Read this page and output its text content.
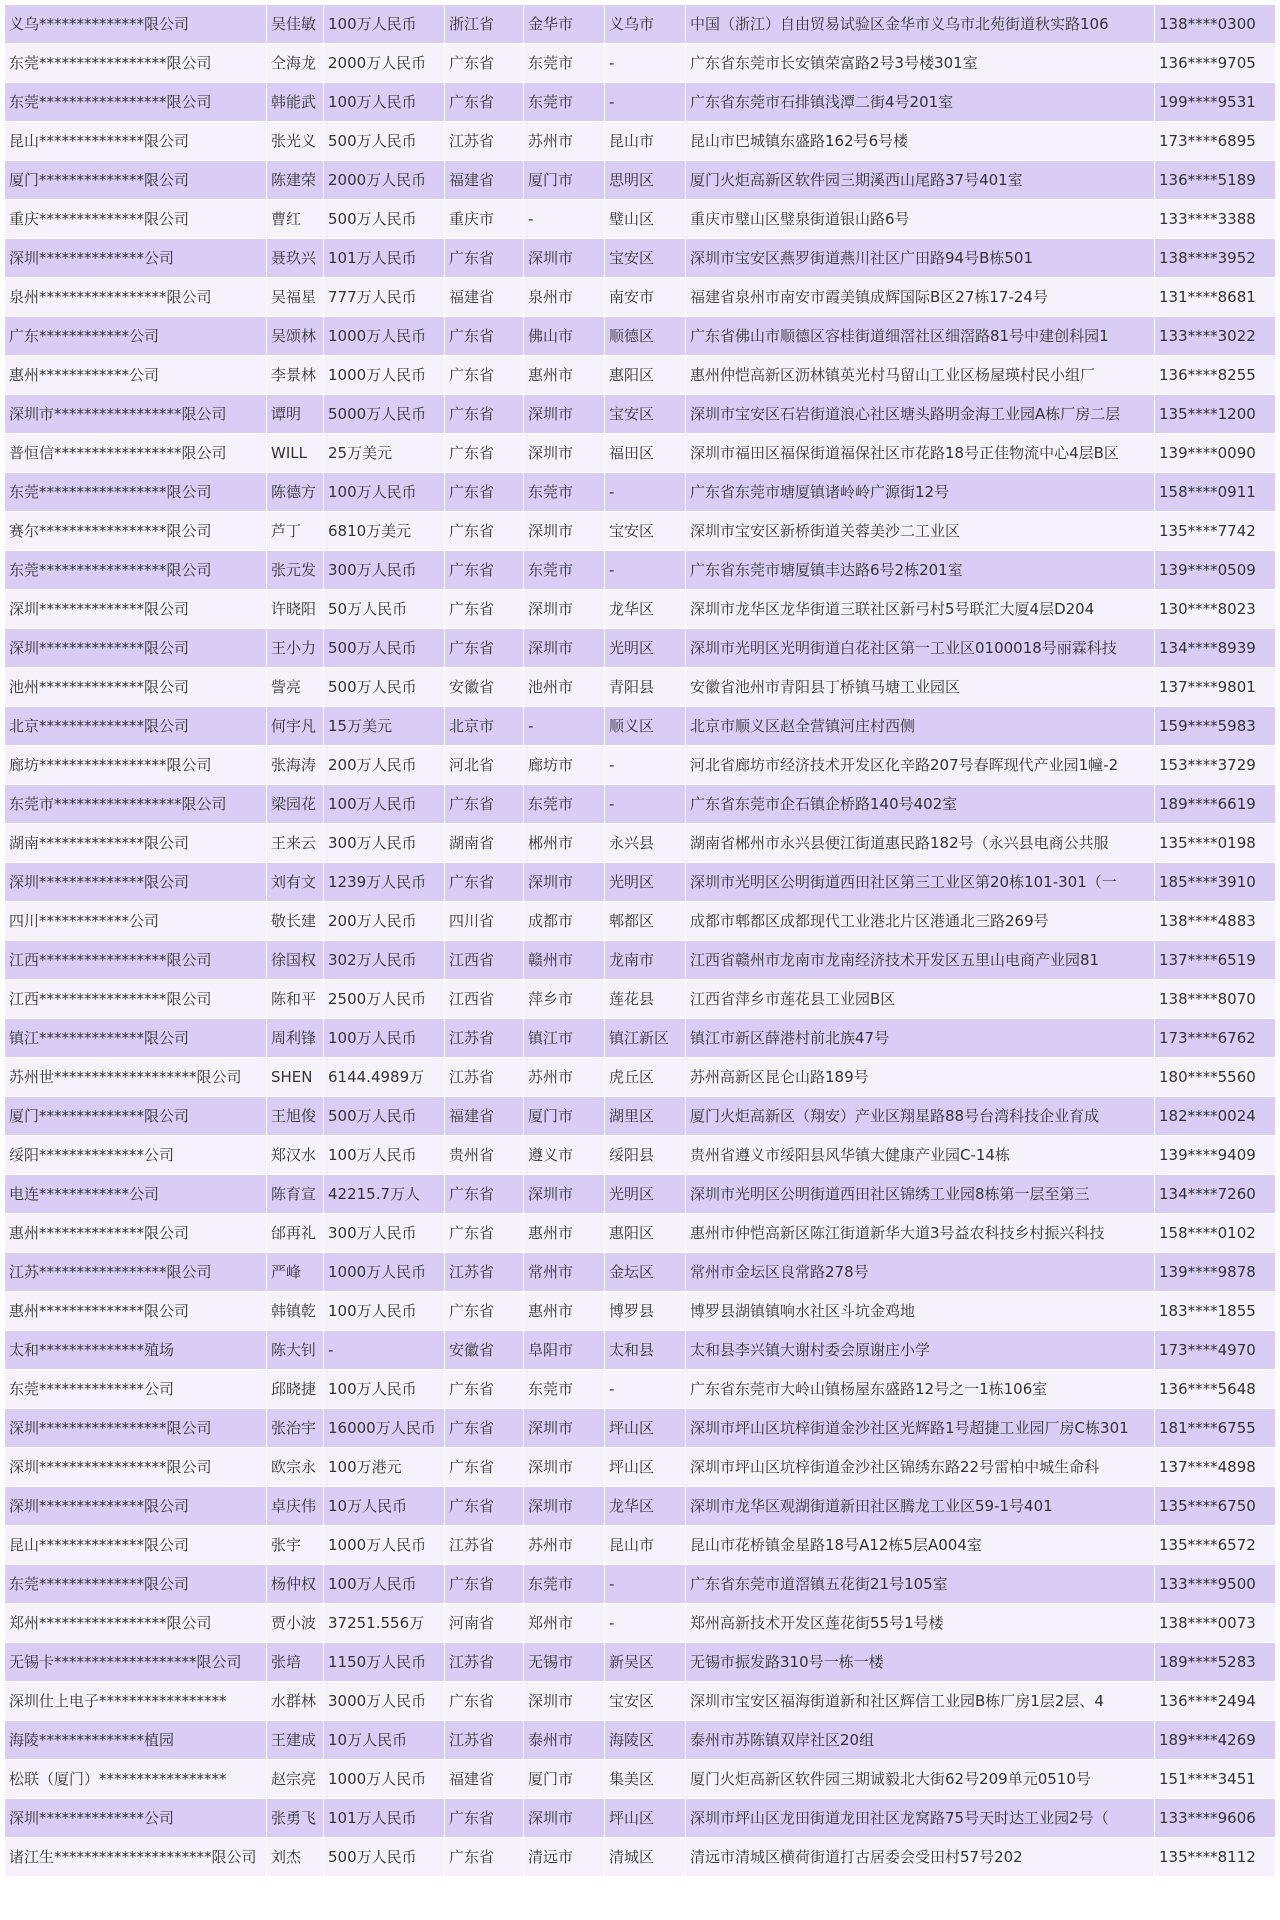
义乌**************限公司	吴佳敏	100万人民币	浙江省	金华市	义乌市	中国（浙江）自由贸易试验区金华市义乌市北苑街道秋实路106	138****0300
东莞*****************限公司	仝海龙	2000万人民币	广东省	东莞市	-	广东省东莞市长安镇荣富路2号3号楼301室	136****9705
东莞*****************限公司	韩能武	100万人民币	广东省	东莞市	-	广东省东莞市石排镇浅潭二街4号201室	199****9531
昆山**************限公司	张光义	500万人民币	江苏省	苏州市	昆山市	昆山市巴城镇东盛路162号6号楼	173****6895
厦门**************限公司	陈建荣	2000万人民币	福建省	厦门市	思明区	厦门火炬高新区软件园三期溪西山尾路37号401室	136****5189
重庆**************限公司	曹红	500万人民币	重庆市	-	璧山区	重庆市璧山区璧泉街道银山路6号	133****3388
深圳**************公司	聂玖兴	101万人民币	广东省	深圳市	宝安区	深圳市宝安区燕罗街道燕川社区广田路94号B栋501	138****3952
泉州*****************限公司	吴福星	777万人民币	福建省	泉州市	南安市	福建省泉州市南安市霞美镇成辉国际B区27栋17-24号	131****8681
广东************公司	吴颂林	1000万人民币	广东省	佛山市	顺德区	广东省佛山市顺德区容桂街道细滘社区细滘路81号中建创科园1	133****3022
惠州************公司	李景林	1000万人民币	广东省	惠州市	惠阳区	惠州仲恺高新区沥林镇英光村马留山工业区杨屋瑛村民小组厂	136****8255
深圳市*****************限公司	谭明	5000万人民币	广东省	深圳市	宝安区	深圳市宝安区石岩街道浪心社区塘头路明金海工业园A栋厂房二层	135****1200
普恒信*****************限公司	WILL	25万美元	广东省	深圳市	福田区	深圳市福田区福保街道福保社区市花路18号正佳物流中心4层B区	139****0090
东莞*****************限公司	陈德方	100万人民币	广东省	东莞市	-	广东省东莞市塘厦镇诸岭岭广源街12号	158****0911
赛尔*****************限公司	芦丁	6810万美元	广东省	深圳市	宝安区	深圳市宝安区新桥街道关蓉美沙二工业区	135****7742
东莞*****************限公司	张元发	300万人民币	广东省	东莞市	-	广东省东莞市塘厦镇丰达路6号2栋201室	139****0509
深圳**************限公司	许晓阳	50万人民币	广东省	深圳市	龙华区	深圳市龙华区龙华街道三联社区新弓村5号联汇大厦4层D204	130****8023
深圳**************限公司	王小力	500万人民币	广东省	深圳市	光明区	深圳市光明区光明街道白花社区第一工业区0100018号丽霖科技	134****8939
池州**************限公司	訾亮	500万人民币	安徽省	池州市	青阳县	安徽省池州市青阳县丁桥镇马塘工业园区	137****9801
北京**************限公司	何宇凡	15万美元	北京市	-	顺义区	北京市顺义区赵全营镇河庄村西侧	159****5983
廊坊*****************限公司	张海涛	200万人民币	河北省	廊坊市	-	河北省廊坊市经济技术开发区化辛路207号春晖现代产业园1幢-2	153****3729
东莞市*****************限公司	梁园花	100万人民币	广东省	东莞市	-	广东省东莞市企石镇企桥路140号402室	189****6619
湖南**************限公司	王来云	300万人民币	湖南省	郴州市	永兴县	湖南省郴州市永兴县便江街道惠民路182号（永兴县电商公共服	135****0198
深圳**************限公司	刘有文	1239万人民币	广东省	深圳市	光明区	深圳市光明区公明街道西田社区第三工业区第20栋101-301（一	185****3910
四川************公司	敬长建	200万人民币	四川省	成都市	郫都区	成都市郫都区成都现代工业港北片区港通北三路269号	138****4883
江西*****************限公司	徐国权	302万人民币	江西省	赣州市	龙南市	江西省赣州市龙南市龙南经济技术开发区五里山电商产业园81	137****6519
江西*****************限公司	陈和平	2500万人民币	江西省	萍乡市	莲花县	江西省萍乡市莲花县工业园B区	138****8070
镇江**************限公司	周利锋	100万人民币	江苏省	镇江市	镇江新区	镇江市新区薛港村前北族47号	173****6762
苏州世*******************限公司	SHEN	6144.4989万	江苏省	苏州市	虎丘区	苏州高新区昆仑山路189号	180****5560
厦门**************限公司	王旭俊	500万人民币	福建省	厦门市	湖里区	厦门火炬高新区（翔安）产业区翔星路88号台湾科技企业育成	182****0024
绥阳**************公司	郑汉水	100万人民币	贵州省	遵义市	绥阳县	贵州省遵义市绥阳县风华镇大健康产业园C-14栋	139****9409
电连************公司	陈育宣	42215.7万人	广东省	深圳市	光明区	深圳市光明区公明街道西田社区锦绣工业园8栋第一层至第三	134****7260
惠州**************限公司	邰再礼	300万人民币	广东省	惠州市	惠阳区	惠州市仲恺高新区陈江街道新华大道3号益农科技乡村振兴科技	158****0102
江苏*****************限公司	严峰	1000万人民币	江苏省	常州市	金坛区	常州市金坛区良常路278号	139****9878
惠州**************限公司	韩镇乾	100万人民币	广东省	惠州市	博罗县	博罗县湖镇镇响水社区斗坑金鸡地	183****1855
太和**************殖场	陈大钊	-	安徽省	阜阳市	太和县	太和县李兴镇大谢村委会原谢庄小学	173****4970
东莞**************公司	邱晓捷	100万人民币	广东省	东莞市	-	广东省东莞市大岭山镇杨屋东盛路12号之一1栋106室	136****5648
深圳*****************限公司	张治宇	16000万人民币	广东省	深圳市	坪山区	深圳市坪山区坑梓街道金沙社区光辉路1号超捷工业园厂房C栋301	181****6755
深圳*****************限公司	欧宗永	100万港元	广东省	深圳市	坪山区	深圳市坪山区坑梓街道金沙社区锦绣东路22号雷柏中城生命科	137****4898
深圳**************限公司	卓庆伟	10万人民币	广东省	深圳市	龙华区	深圳市龙华区观湖街道新田社区腾龙工业区59-1号401	135****6750
昆山**************限公司	张宇	1000万人民币	江苏省	苏州市	昆山市	昆山市花桥镇金星路18号A12栋5层A004室	135****6572
东莞**************限公司	杨仲权	100万人民币	广东省	东莞市	-	广东省东莞市道滘镇五花街21号105室	133****9500
郑州*****************限公司	贾小波	37251.556万	河南省	郑州市	-	郑州高新技术开发区莲花街55号1号楼	138****0073
无锡卡*******************限公司	张培	1150万人民币	江苏省	无锡市	新吴区	无锡市振发路310号一栋一楼	189****5283
深圳仕上电子*****************	水群林	3000万人民币	广东省	深圳市	宝安区	深圳市宝安区福海街道新和社区辉信工业园B栋厂房1层2层、4	136****2494
海陵**************植园	王建成	10万人民币	江苏省	泰州市	海陵区	泰州市苏陈镇双岸社区20组	189****4269
松联（厦门）*****************	赵宗亮	1000万人民币	福建省	厦门市	集美区	厦门火炬高新区软件园三期诚毅北大街62号209单元0510号	151****3451
深圳**************公司	张勇飞	101万人民币	广东省	深圳市	坪山区	深圳市坪山区龙田街道龙田社区龙窝路75号天时达工业园2号（	133****9606
诸江生*********************限公司	刘杰	500万人民币	广东省	清远市	清城区	清远市清城区横荷街道打古居委会受田村57号202	135****8112
